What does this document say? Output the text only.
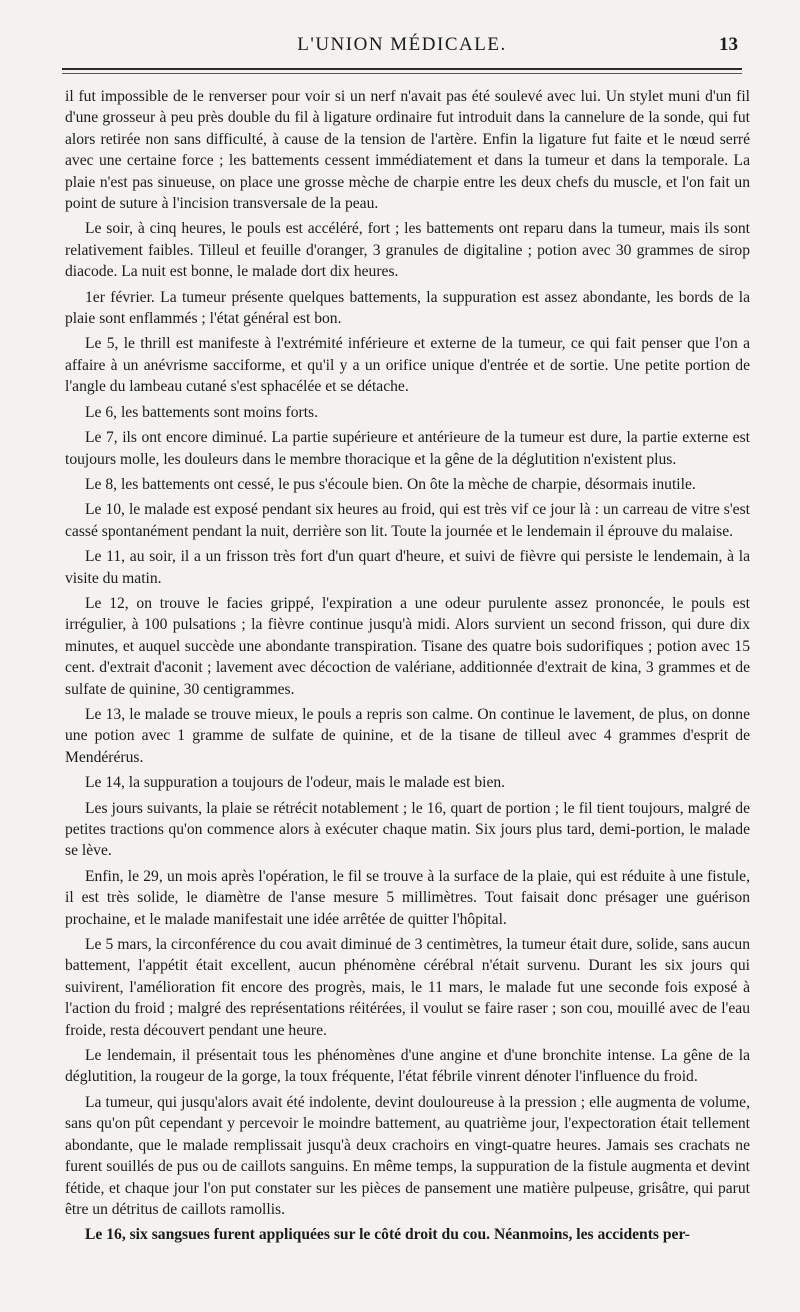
L'UNION MÉDICALE.	13

il fut impossible de le renverser pour voir si un nerf n'avait pas été soulevé avec lui. Un stylet muni d'un fil d'une grosseur à peu près double du fil à ligature ordinaire fut introduit dans la cannelure de la sonde, qui fut alors retirée non sans difficulté, à cause de la tension de l'artère. Enfin la ligature fut faite et le nœud serré avec une certaine force ; les battements cessent immédiatement et dans la tumeur et dans la temporale. La plaie n'est pas sinueuse, on place une grosse mèche de charpie entre les deux chefs du muscle, et l'on fait un point de suture à l'incision transversale de la peau.

Le soir, à cinq heures, le pouls est accéléré, fort ; les battements ont reparu dans la tumeur, mais ils sont relativement faibles. Tilleul et feuille d'oranger, 3 granules de digitaline ; potion avec 30 grammes de sirop diacode. La nuit est bonne, le malade dort dix heures.

1er février. La tumeur présente quelques battements, la suppuration est assez abondante, les bords de la plaie sont enflammés ; l'état général est bon.

Le 5, le thrill est manifeste à l'extrémité inférieure et externe de la tumeur, ce qui fait penser que l'on a affaire à un anévrisme sacciforme, et qu'il y a un orifice unique d'entrée et de sortie. Une petite portion de l'angle du lambeau cutané s'est sphacélée et se détache.

Le 6, les battements sont moins forts.

Le 7, ils ont encore diminué. La partie supérieure et antérieure de la tumeur est dure, la partie externe est toujours molle, les douleurs dans le membre thoracique et la gêne de la déglutition n'existent plus.

Le 8, les battements ont cessé, le pus s'écoule bien. On ôte la mèche de charpie, désormais inutile.

Le 10, le malade est exposé pendant six heures au froid, qui est très vif ce jour là : un carreau de vitre s'est cassé spontanément pendant la nuit, derrière son lit. Toute la journée et le lendemain il éprouve du malaise.

Le 11, au soir, il a un frisson très fort d'un quart d'heure, et suivi de fièvre qui persiste le lendemain, à la visite du matin.

Le 12, on trouve le facies grippé, l'expiration a une odeur purulente assez prononcée, le pouls est irrégulier, à 100 pulsations ; la fièvre continue jusqu'à midi. Alors survient un second frisson, qui dure dix minutes, et auquel succède une abondante transpiration. Tisane des quatre bois sudorifiques ; potion avec 15 cent. d'extrait d'aconit ; lavement avec décoction de valériane, additionnée d'extrait de kina, 3 grammes et de sulfate de quinine, 30 centigrammes.

Le 13, le malade se trouve mieux, le pouls a repris son calme. On continue le lavement, de plus, on donne une potion avec 1 gramme de sulfate de quinine, et de la tisane de tilleul avec 4 grammes d'esprit de Mendérérus.

Le 14, la suppuration a toujours de l'odeur, mais le malade est bien.

Les jours suivants, la plaie se rétrécit notablement ; le 16, quart de portion ; le fil tient toujours, malgré de petites tractions qu'on commence alors à exécuter chaque matin. Six jours plus tard, demi-portion, le malade se lève.

Enfin, le 29, un mois après l'opération, le fil se trouve à la surface de la plaie, qui est réduite à une fistule, il est très solide, le diamètre de l'anse mesure 5 millimètres. Tout faisait donc présager une guérison prochaine, et le malade manifestait une idée arrêtée de quitter l'hôpital.

Le 5 mars, la circonférence du cou avait diminué de 3 centimètres, la tumeur était dure, solide, sans aucun battement, l'appétit était excellent, aucun phénomène cérébral n'était survenu. Durant les six jours qui suivirent, l'amélioration fit encore des progrès, mais, le 11 mars, le malade fut une seconde fois exposé à l'action du froid ; malgré des représentations réitérées, il voulut se faire raser ; son cou, mouillé avec de l'eau froide, resta découvert pendant une heure.

Le lendemain, il présentait tous les phénomènes d'une angine et d'une bronchite intense. La gêne de la déglutition, la rougeur de la gorge, la toux fréquente, l'état fébrile vinrent dénoter l'influence du froid.

La tumeur, qui jusqu'alors avait été indolente, devint douloureuse à la pression ; elle augmenta de volume, sans qu'on pût cependant y percevoir le moindre battement, au quatrième jour, l'expectoration était tellement abondante, que le malade remplissait jusqu'à deux crachoirs en vingt-quatre heures. Jamais ses crachats ne furent souillés de pus ou de caillots sanguins. En même temps, la suppuration de la fistule augmenta et devint fétide, et chaque jour l'on put constater sur les pièces de pansement une matière pulpeuse, grisâtre, qui parut être un détritus de caillots ramollis.

Le 16, six sangsues furent appliquées sur le côté droit du cou. Néanmoins, les accidents per-
